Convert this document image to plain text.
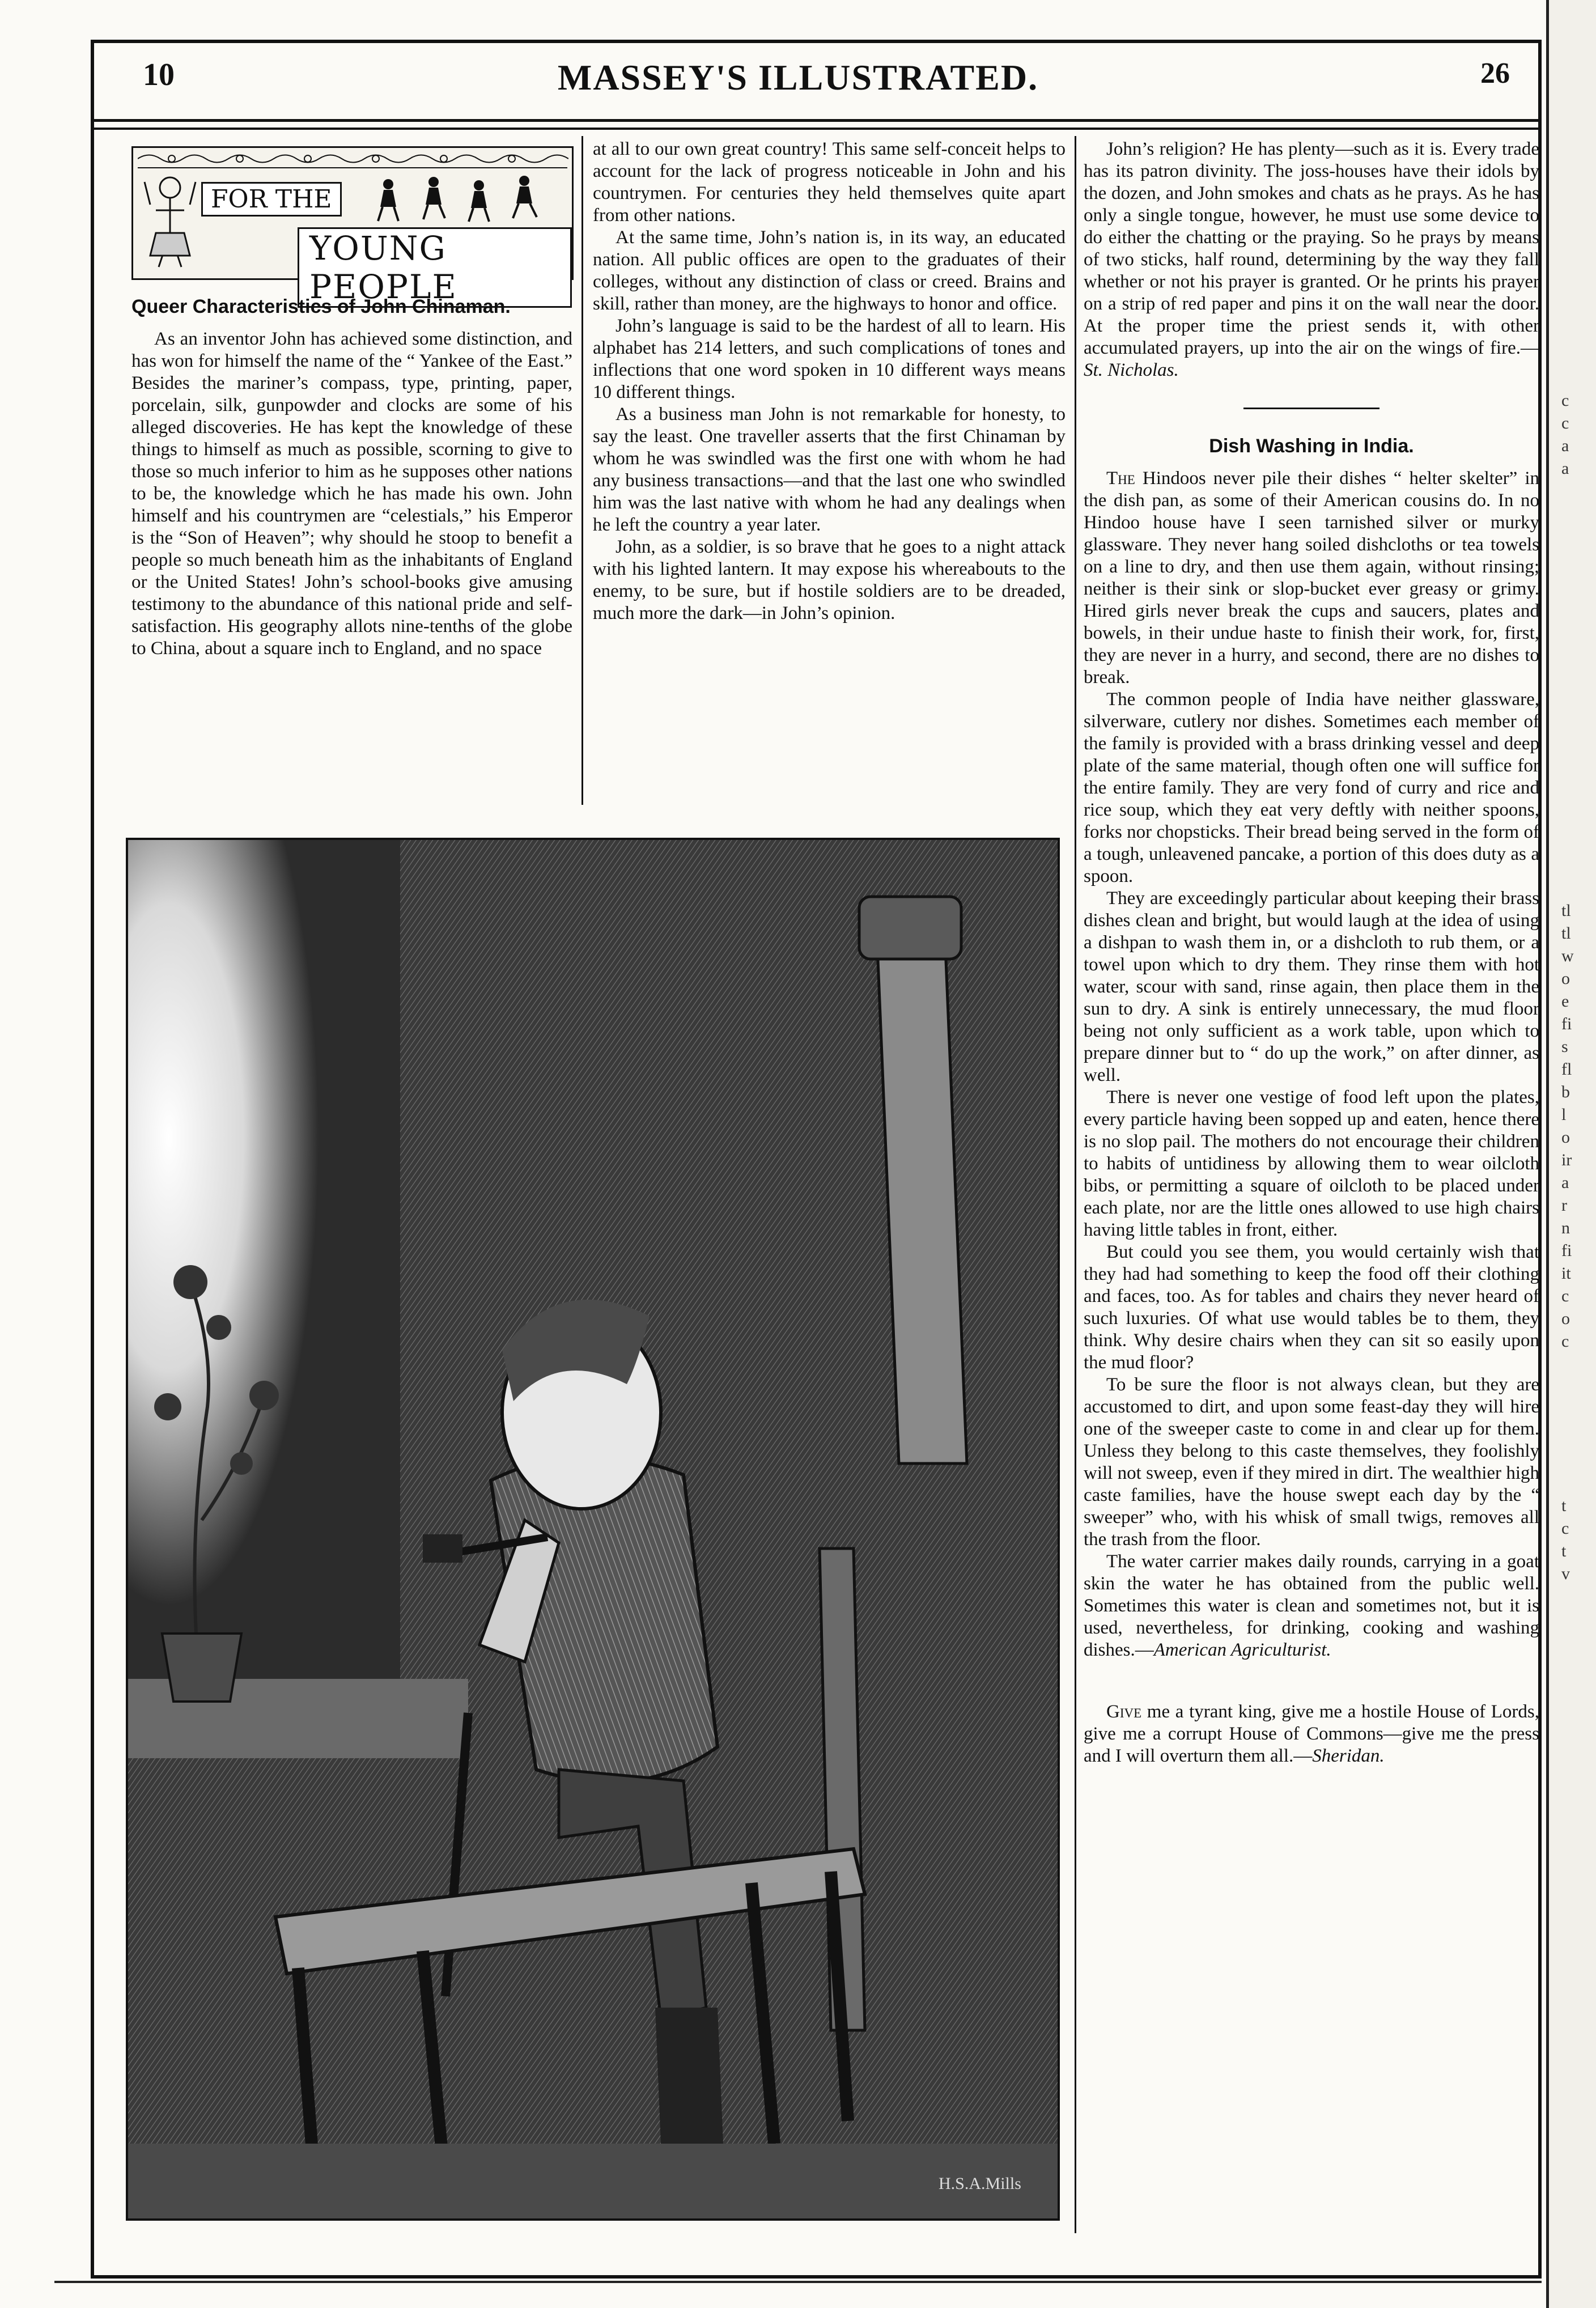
10	MASSEY'S ILLUSTRATED.	26
FOR THE
YOUNG PEOPLE
Queer Characteristics of John Chinaman.

As an inventor John has achieved some distinction, and has won for himself the name of the “ Yankee of the East.” Besides the mariner’s compass, type, printing, paper, porcelain, silk, gunpowder and clocks are some of his alleged discoveries. He has kept the knowledge of these things to himself as much as possible, scorning to give to those so much inferior to him as he supposes other nations to be, the knowledge which he has made his own. John himself and his countrymen are “celestials,” his Emperor is the “Son of Heaven”; why should he stoop to benefit a people so much beneath him as the inhabitants of England or the United States! John’s school-books give amusing testimony to the abundance of this national pride and self-satisfaction. His geography allots nine-tenths of the globe to China, about a square inch to England, and no space

at all to our own great country! This same self-conceit helps to account for the lack of progress noticeable in John and his countrymen. For centuries they held themselves quite apart from other nations.

At the same time, John’s nation is, in its way, an educated nation. All public offices are open to the graduates of their colleges, without any distinction of class or creed. Brains and skill, rather than money, are the highways to honor and office.

John’s language is said to be the hardest of all to learn. His alphabet has 214 letters, and such complications of tones and inflections that one word spoken in 10 different ways means 10 different things.

As a business man John is not remarkable for honesty, to say the least. One traveller asserts that the first Chinaman by whom he was swindled was the first one with whom he had any business transactions—and that the last one who swindled him was the last native with whom he had any dealings when he left the country a year later.

John, as a soldier, is so brave that he goes to a night attack with his lighted lantern. It may expose his whereabouts to the enemy, to be sure, but if hostile soldiers are to be dreaded, much more the dark—in John’s opinion.

John’s religion? He has plenty—such as it is. Every trade has its patron divinity. The joss-houses have their idols by the dozen, and John smokes and chats as he prays. As he has only a single tongue, however, he must use some device to do either the chatting or the praying. So he prays by means of two sticks, half round, determining by the way they fall whether or not his prayer is granted. Or he prints his prayer on a strip of red paper and pins it on the wall near the door. At the proper time the priest sends it, with other accumulated prayers, up into the air on the wings of fire.—St. Nicholas.

Dish Washing in India.

The Hindoos never pile their dishes “ helter skelter” in the dish pan, as some of their American cousins do. In no Hindoo house have I seen tarnished silver or murky glassware. They never hang soiled dishcloths or tea towels on a line to dry, and then use them again, without rinsing; neither is their sink or slop-bucket ever greasy or grimy. Hired girls never break the cups and saucers, plates and bowels, in their undue haste to finish their work, for, first, they are never in a hurry, and second, there are no dishes to break.

The common people of India have neither glassware, silverware, cutlery nor dishes. Sometimes each member of the family is provided with a brass drinking vessel and deep plate of the same material, though often one will suffice for the entire family. They are very fond of curry and rice and rice soup, which they eat very deftly with neither spoons, forks nor chopsticks. Their bread being served in the form of a tough, unleavened pancake, a portion of this does duty as a spoon.

They are exceedingly particular about keeping their brass dishes clean and bright, but would laugh at the idea of using a dishpan to wash them in, or a dishcloth to rub them, or a towel upon which to dry them. They rinse them with hot water, scour with sand, rinse again, then place them in the sun to dry. A sink is entirely unnecessary, the mud floor being not only sufficient as a work table, upon which to prepare dinner but to “ do up the work,” on after dinner, as well.

There is never one vestige of food left upon the plates, every particle having been sopped up and eaten, hence there is no slop pail. The mothers do not encourage their children to habits of untidiness by allowing them to wear oilcloth bibs, or permitting a square of oilcloth to be placed under each plate, nor are the little ones allowed to use high chairs having little tables in front, either.

But could you see them, you would certainly wish that they had had something to keep the food off their clothing and faces, too. As for tables and chairs they never heard of such luxuries. Of what use would tables be to them, they think. Why desire chairs when they can sit so easily upon the mud floor?

To be sure the floor is not always clean, but they are accustomed to dirt, and upon some feast-day they will hire one of the sweeper caste to come in and clear up for them. Unless they belong to this caste themselves, they foolishly will not sweep, even if they mired in dirt. The wealthier high caste families, have the house swept each day by the “ sweeper” who, with his whisk of small twigs, removes all the trash from the floor.

The water carrier makes daily rounds, carrying in a goat skin the water he has obtained from the public well. Sometimes this water is clean and sometimes not, but it is used, nevertheless, for drinking, cooking and washing dishes.—American Agriculturist.

Give me a tyrant king, give me a hostile House of Lords, give me a corrupt House of Commons—give me the press and I will overturn them all.—Sheridan.

H.S.A.Mills
c
c
a
a
tl
tl
w
o
e
fi
s
fl
b
l
o
ir
a
r
n
fi
it
c
o
c
t
c
t
v
